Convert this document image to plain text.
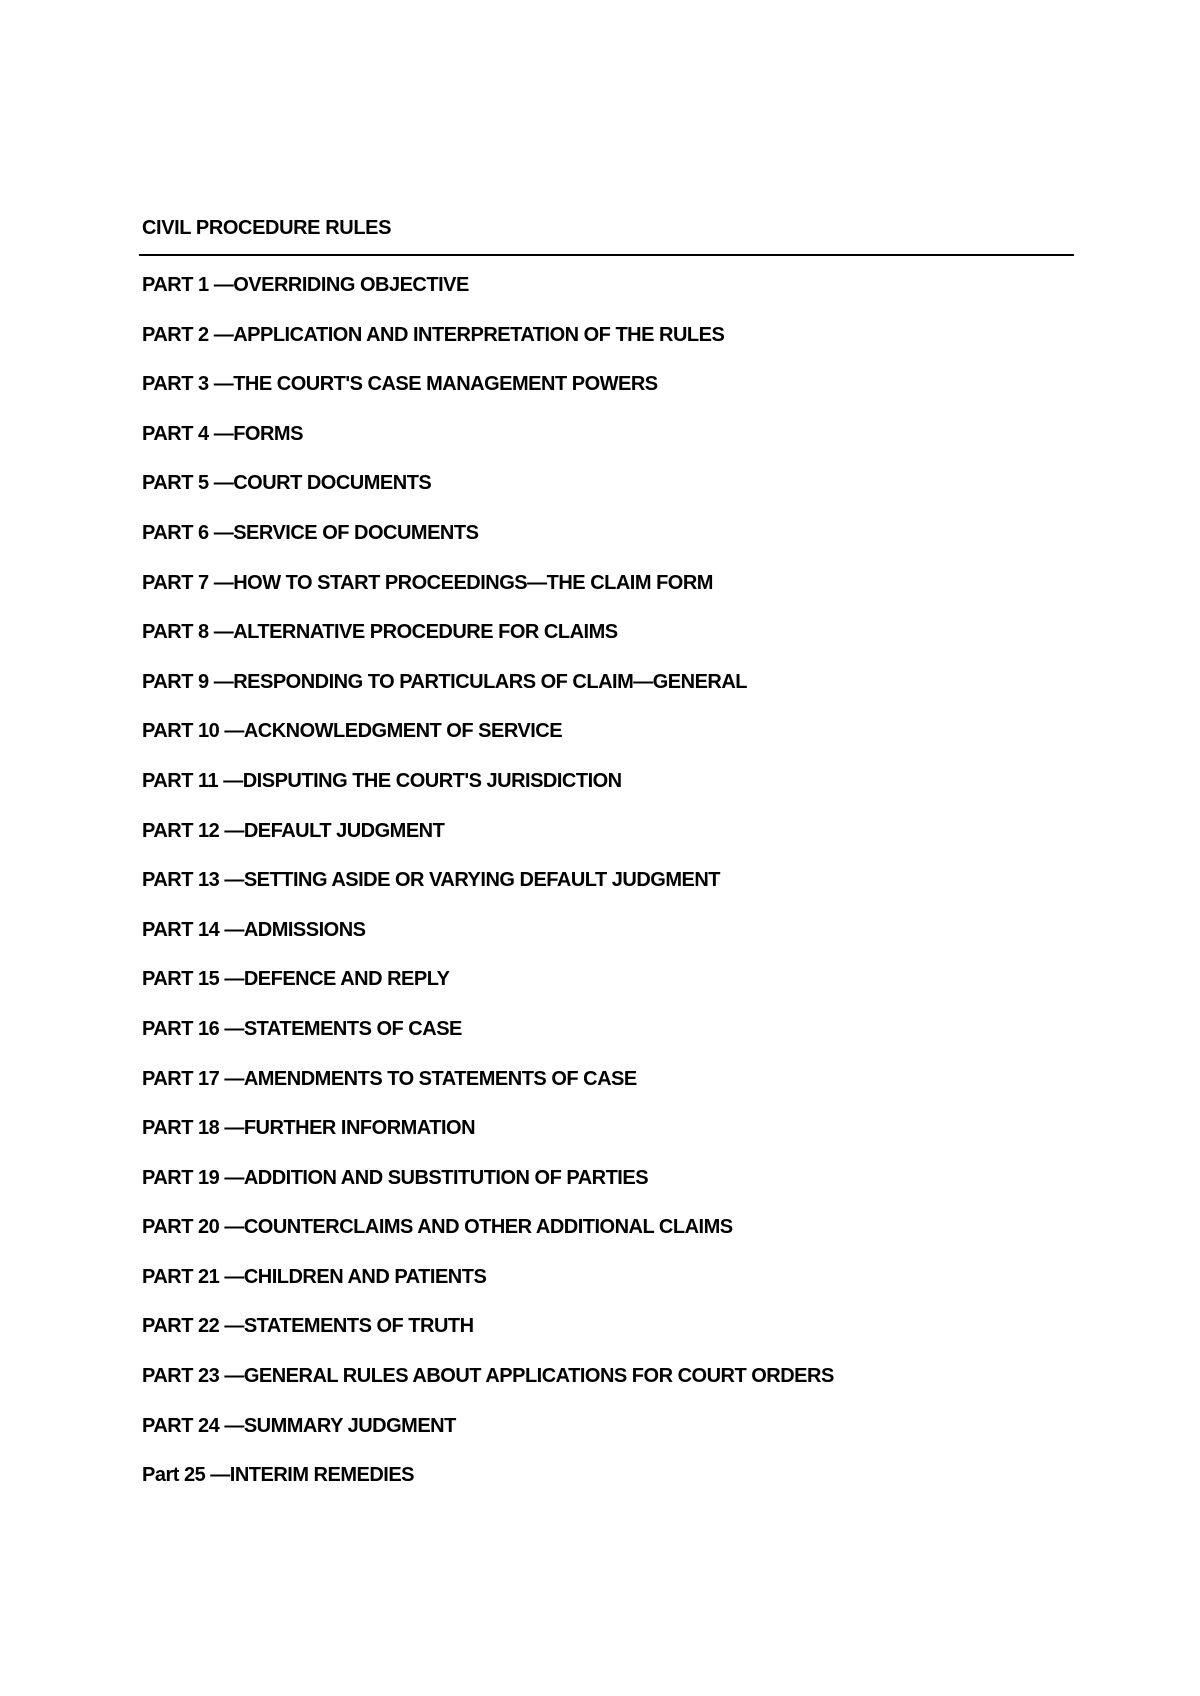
CIVIL PROCEDURE RULES
PART 1 —OVERRIDING OBJECTIVE
PART 2 —APPLICATION AND INTERPRETATION OF THE RULES
PART 3 —THE COURT'S CASE MANAGEMENT POWERS
PART 4 —FORMS
PART 5 —COURT DOCUMENTS
PART 6 —SERVICE OF DOCUMENTS
PART 7 —HOW TO START PROCEEDINGS—THE CLAIM FORM
PART 8 —ALTERNATIVE PROCEDURE FOR CLAIMS
PART 9 —RESPONDING TO PARTICULARS OF CLAIM—GENERAL
PART 10 —ACKNOWLEDGMENT OF SERVICE
PART 11 —DISPUTING THE COURT'S JURISDICTION
PART 12 —DEFAULT JUDGMENT
PART 13 —SETTING ASIDE OR VARYING DEFAULT JUDGMENT
PART 14 —ADMISSIONS
PART 15 —DEFENCE AND REPLY
PART 16 —STATEMENTS OF CASE
PART 17 —AMENDMENTS TO STATEMENTS OF CASE
PART 18 —FURTHER INFORMATION
PART 19 —ADDITION AND SUBSTITUTION OF PARTIES
PART 20 —COUNTERCLAIMS AND OTHER ADDITIONAL CLAIMS
PART 21 —CHILDREN AND PATIENTS
PART 22 —STATEMENTS OF TRUTH
PART 23 —GENERAL RULES ABOUT APPLICATIONS FOR COURT ORDERS
PART 24 —SUMMARY JUDGMENT
Part 25 —INTERIM REMEDIES
